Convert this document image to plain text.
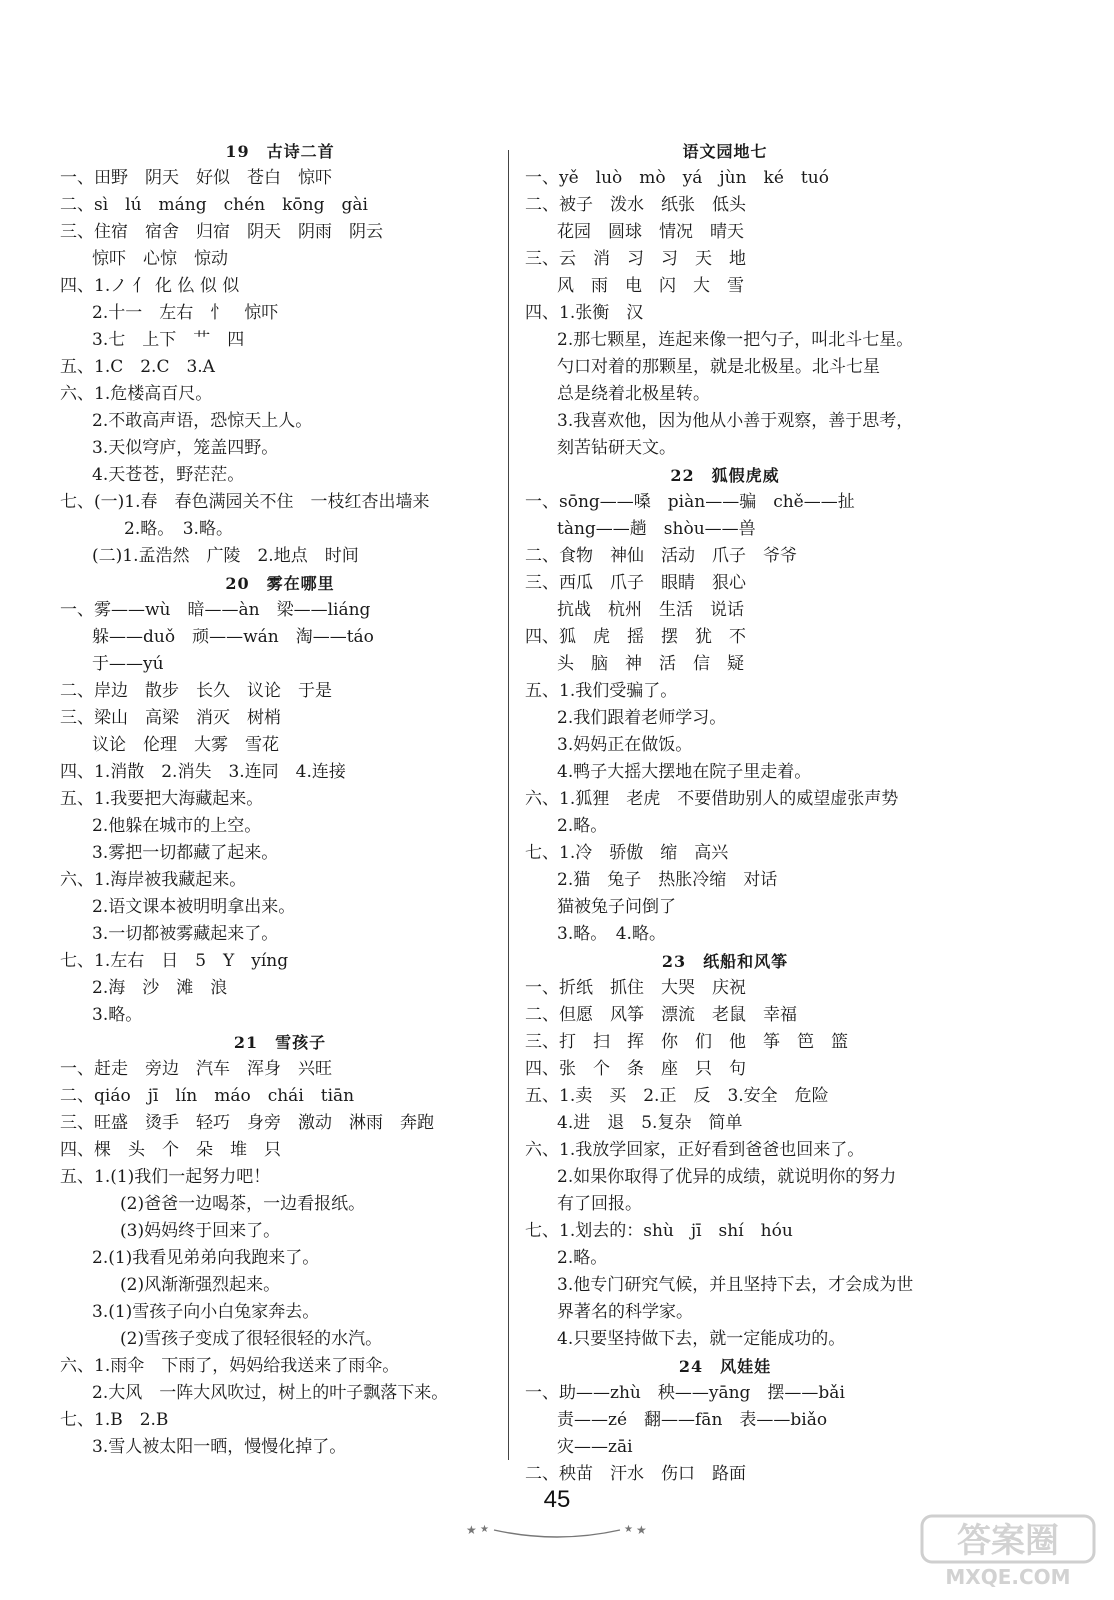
19　古诗二首
一、田野　阴天　好似　苍白　惊吓
二、sì　lú　máng　chén　kōng　gài
三、住宿　宿舍　归宿　阴天　阴雨　阴云
惊吓　心惊　惊动
四、1.ノ 亻 化 仫 似 似
2.十一　左右　忄　惊吓
3.七　上下　艹　四
五、1.C　2.C　3.A
六、1.危楼高百尺。
2.不敢高声语，恐惊天上人。
3.天似穹庐，笼盖四野。
4.天苍苍，野茫茫。
七、(一)1.春　春色满园关不住　一枝红杏出墙来
2.略。　3.略。
(二)1.孟浩然　广陵　2.地点　时间
20　雾在哪里
一、雾——wù　暗——àn　梁——liáng
躲——duǒ　顽——wán　淘——táo
于——yú
二、岸边　散步　长久　议论　于是
三、梁山　高梁　消灭　树梢
议论　伦理　大雾　雪花
四、1.消散　2.消失　3.连同　4.连接
五、1.我要把大海藏起来。
2.他躲在城市的上空。
3.雾把一切都藏了起来。
六、1.海岸被我藏起来。
2.语文课本被明明拿出来。
3.一切都被雾藏起来了。
七、1.左右　日　5　Y　yíng
2.海　沙　滩　浪
3.略。
21　雪孩子
一、赶走　旁边　汽车　浑身　兴旺
二、qiáo　jī　lín　máo　chái　tiān
三、旺盛　烫手　轻巧　身旁　激动　淋雨　奔跑
四、棵　头　个　朵　堆　只
五、1.(1)我们一起努力吧！
(2)爸爸一边喝茶，一边看报纸。
(3)妈妈终于回来了。
2.(1)我看见弟弟向我跑来了。
(2)风渐渐强烈起来。
3.(1)雪孩子向小白兔家奔去。
(2)雪孩子变成了很轻很轻的水汽。
六、1.雨伞　下雨了，妈妈给我送来了雨伞。
2.大风　一阵大风吹过，树上的叶子飘落下来。
七、1.B　2.B
3.雪人被太阳一晒，慢慢化掉了。
语文园地七
一、yě　luò　mò　yá　jùn　ké　tuó
二、被子　泼水　纸张　低头
花园　圆球　情况　晴天
三、云　消　习　习　天　地
风　雨　电　闪　大　雪
四、1.张衡　汉
2.那七颗星，连起来像一把勺子，叫北斗七星。
勺口对着的那颗星，就是北极星。北斗七星
总是绕着北极星转。
3.我喜欢他，因为他从小善于观察，善于思考，
刻苦钻研天文。
22　狐假虎威
一、sōng——嗓　piàn——骗　chě——扯
tàng——趟　shòu——兽
二、食物　神仙　活动　爪子　爷爷
三、西瓜　爪子　眼睛　狠心
抗战　杭州　生活　说话
四、狐　虎　摇　摆　犹　不
头　脑　神　活　信　疑
五、1.我们受骗了。
2.我们跟着老师学习。
3.妈妈正在做饭。
4.鸭子大摇大摆地在院子里走着。
六、1.狐狸　老虎　不要借助别人的威望虚张声势
2.略。
七、1.冷　骄傲　缩　高兴
2.猫　兔子　热胀冷缩　对话
猫被兔子问倒了
3.略。　4.略。
23　纸船和风筝
一、折纸　抓住　大哭　庆祝
二、但愿　风筝　漂流　老鼠　幸福
三、打　扫　挥　你　们　他　筝　笆　篮
四、张　个　条　座　只　句
五、1.卖　买　2.正　反　3.安全　危险
4.进　退　5.复杂　简单
六、1.我放学回家，正好看到爸爸也回来了。
2.如果你取得了优异的成绩，就说明你的努力
有了回报。
七、1.划去的：shù　jī　shí　hóu
2.略。
3.他专门研究气候，并且坚持下去，才会成为世
界著名的科学家。
4.只要坚持做下去，就一定能成功的。
24　风娃娃
一、助——zhù　秧——yāng　摆——bǎi
责——zé　翻——fān　表——biǎo
灾——zāi
二、秧苗　汗水　伤口　路面
★ ★	★ ★
45
答案圈
MXQE.COM
